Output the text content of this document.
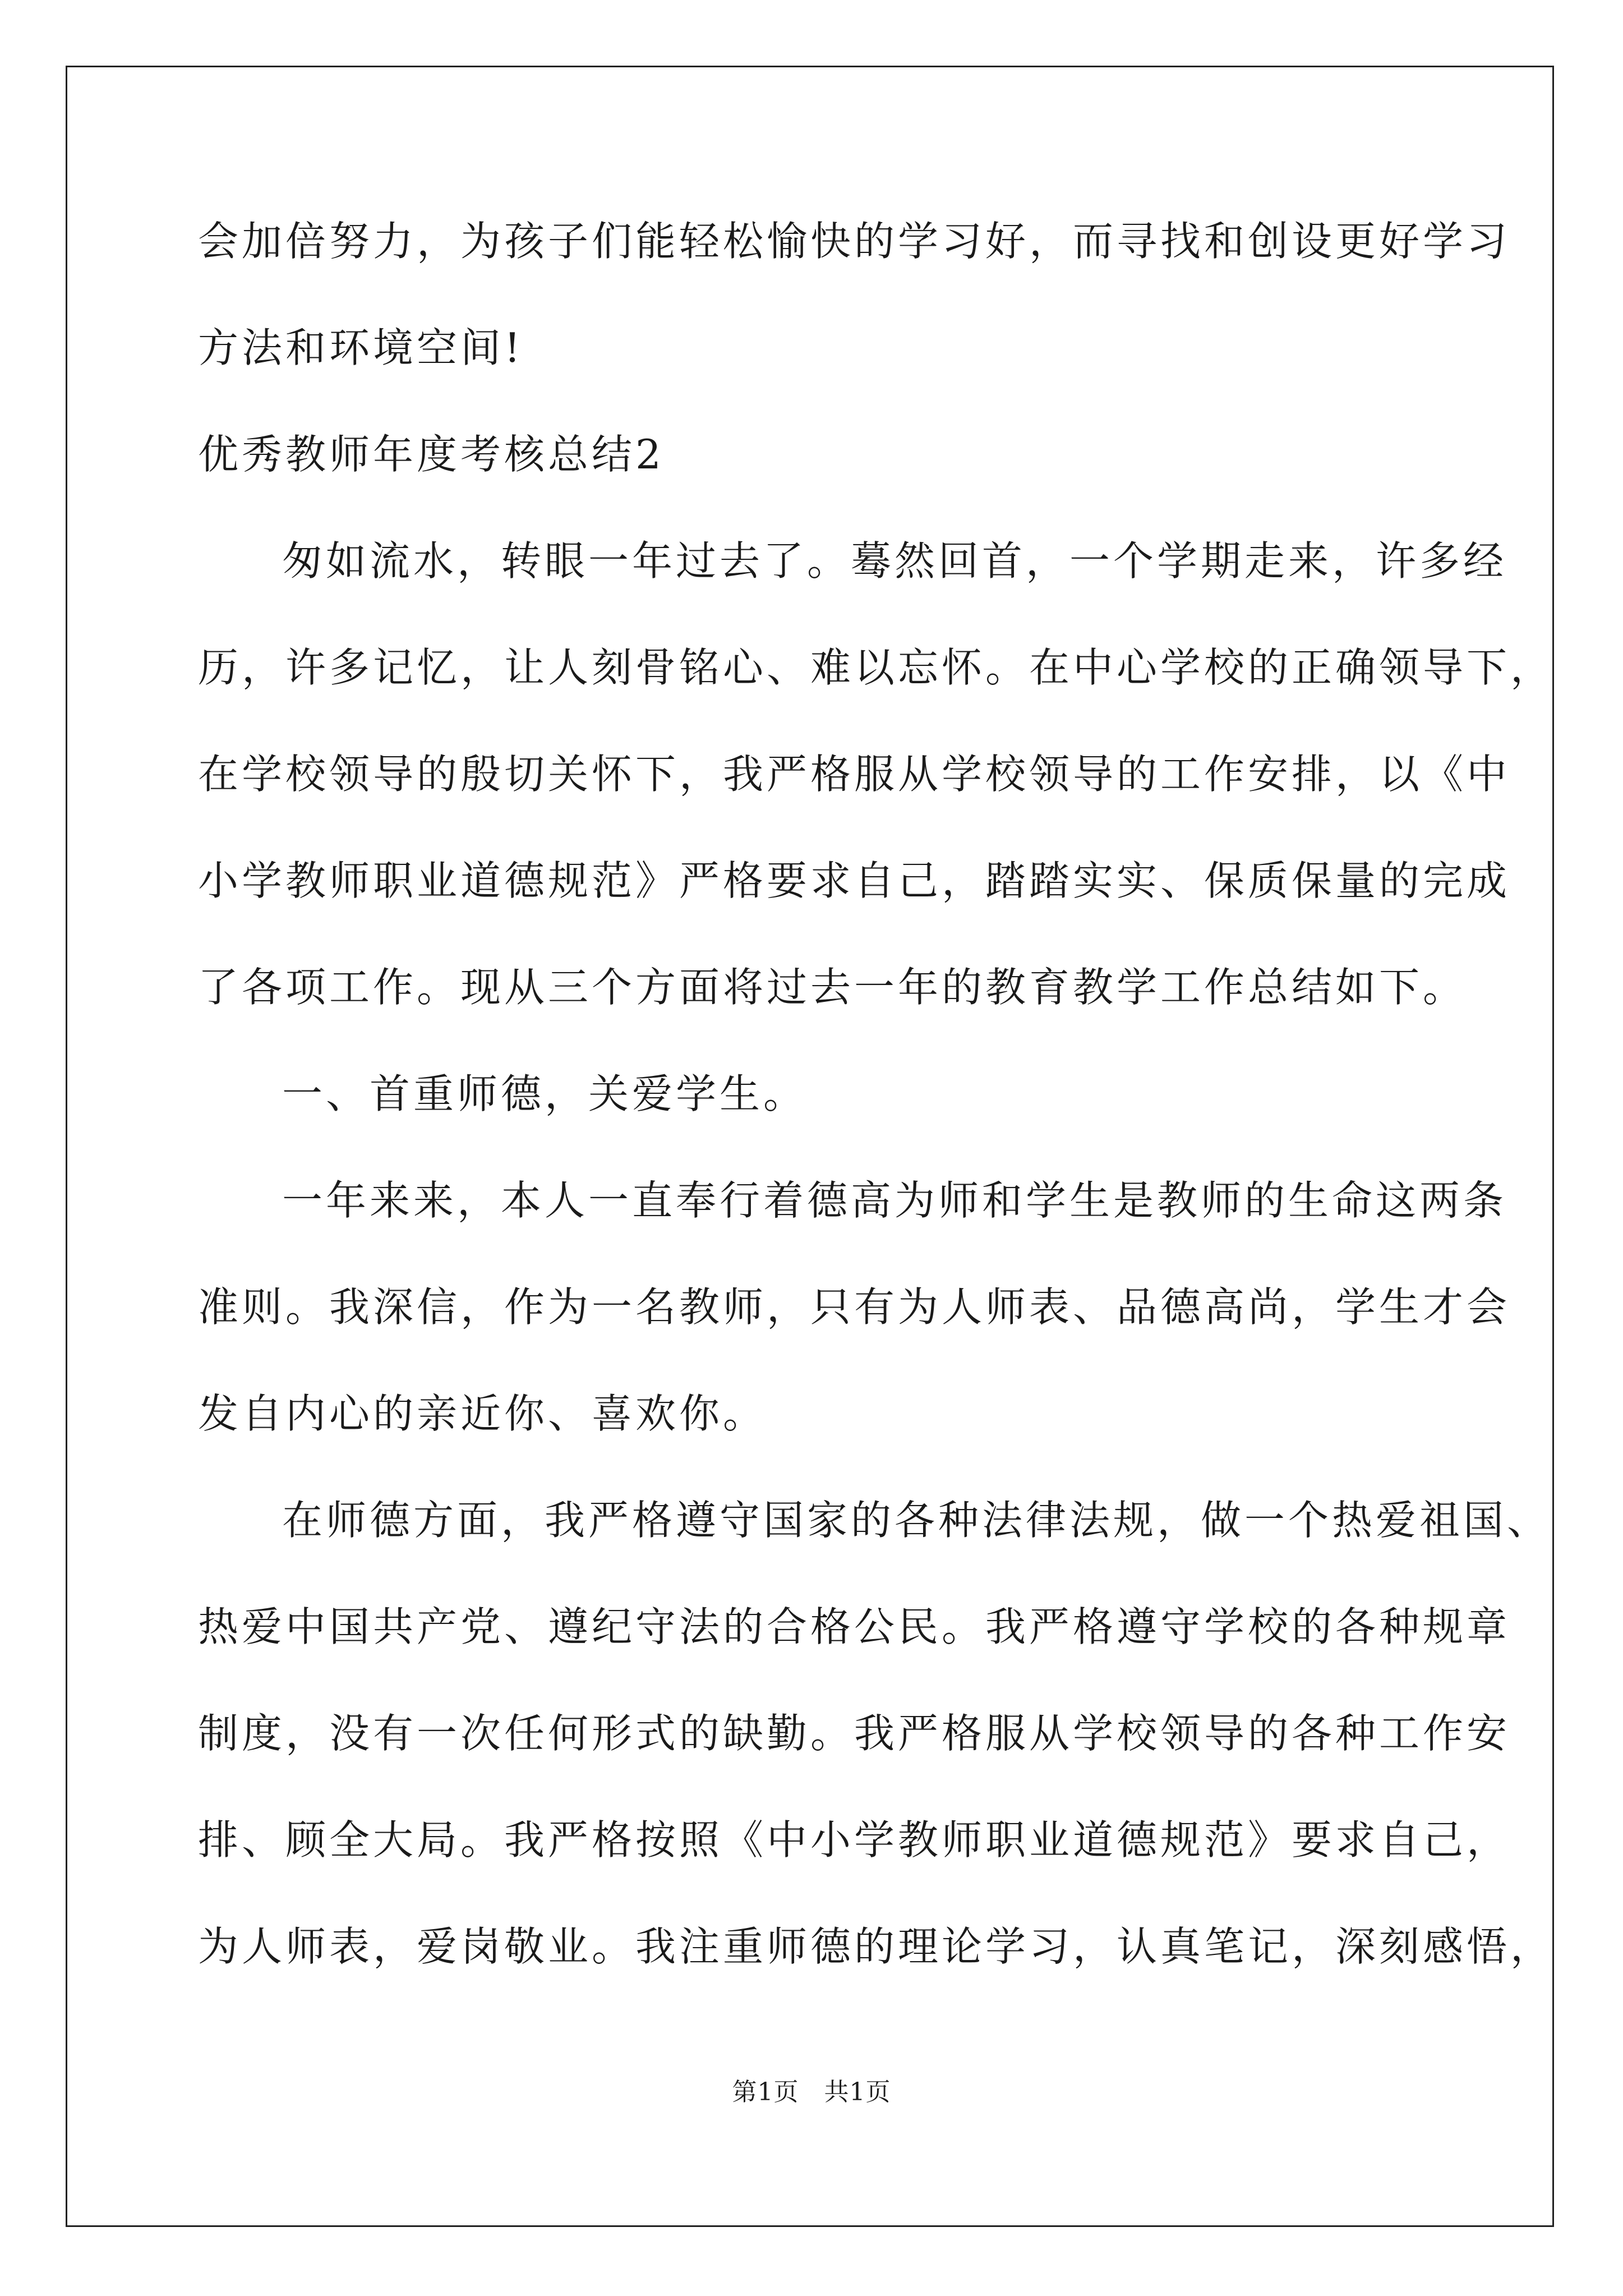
会加倍努力，为孩子们能轻松愉快的学习好，而寻找和创设更好学习
方法和环境空间!
优秀教师年度考核总结2
匆如流水，转眼一年过去了。蓦然回首，一个学期走来，许多经
历，许多记忆，让人刻骨铭心、难以忘怀。在中心学校的正确领导下，
在学校领导的殷切关怀下，我严格服从学校领导的工作安排，以《中
小学教师职业道德规范》严格要求自己，踏踏实实、保质保量的完成
了各项工作。现从三个方面将过去一年的教育教学工作总结如下。
一、首重师德，关爱学生。
一年来来，本人一直奉行着德高为师和学生是教师的生命这两条
准则。我深信，作为一名教师，只有为人师表、品德高尚，学生才会
发自内心的亲近你、喜欢你。
在师德方面，我严格遵守国家的各种法律法规，做一个热爱祖国、
热爱中国共产党、遵纪守法的合格公民。我严格遵守学校的各种规章
制度，没有一次任何形式的缺勤。我严格服从学校领导的各种工作安
排、顾全大局。我严格按照《中小学教师职业道德规范》要求自己，
为人师表，爱岗敬业。我注重师德的理论学习，认真笔记，深刻感悟，
第1页　共1页
